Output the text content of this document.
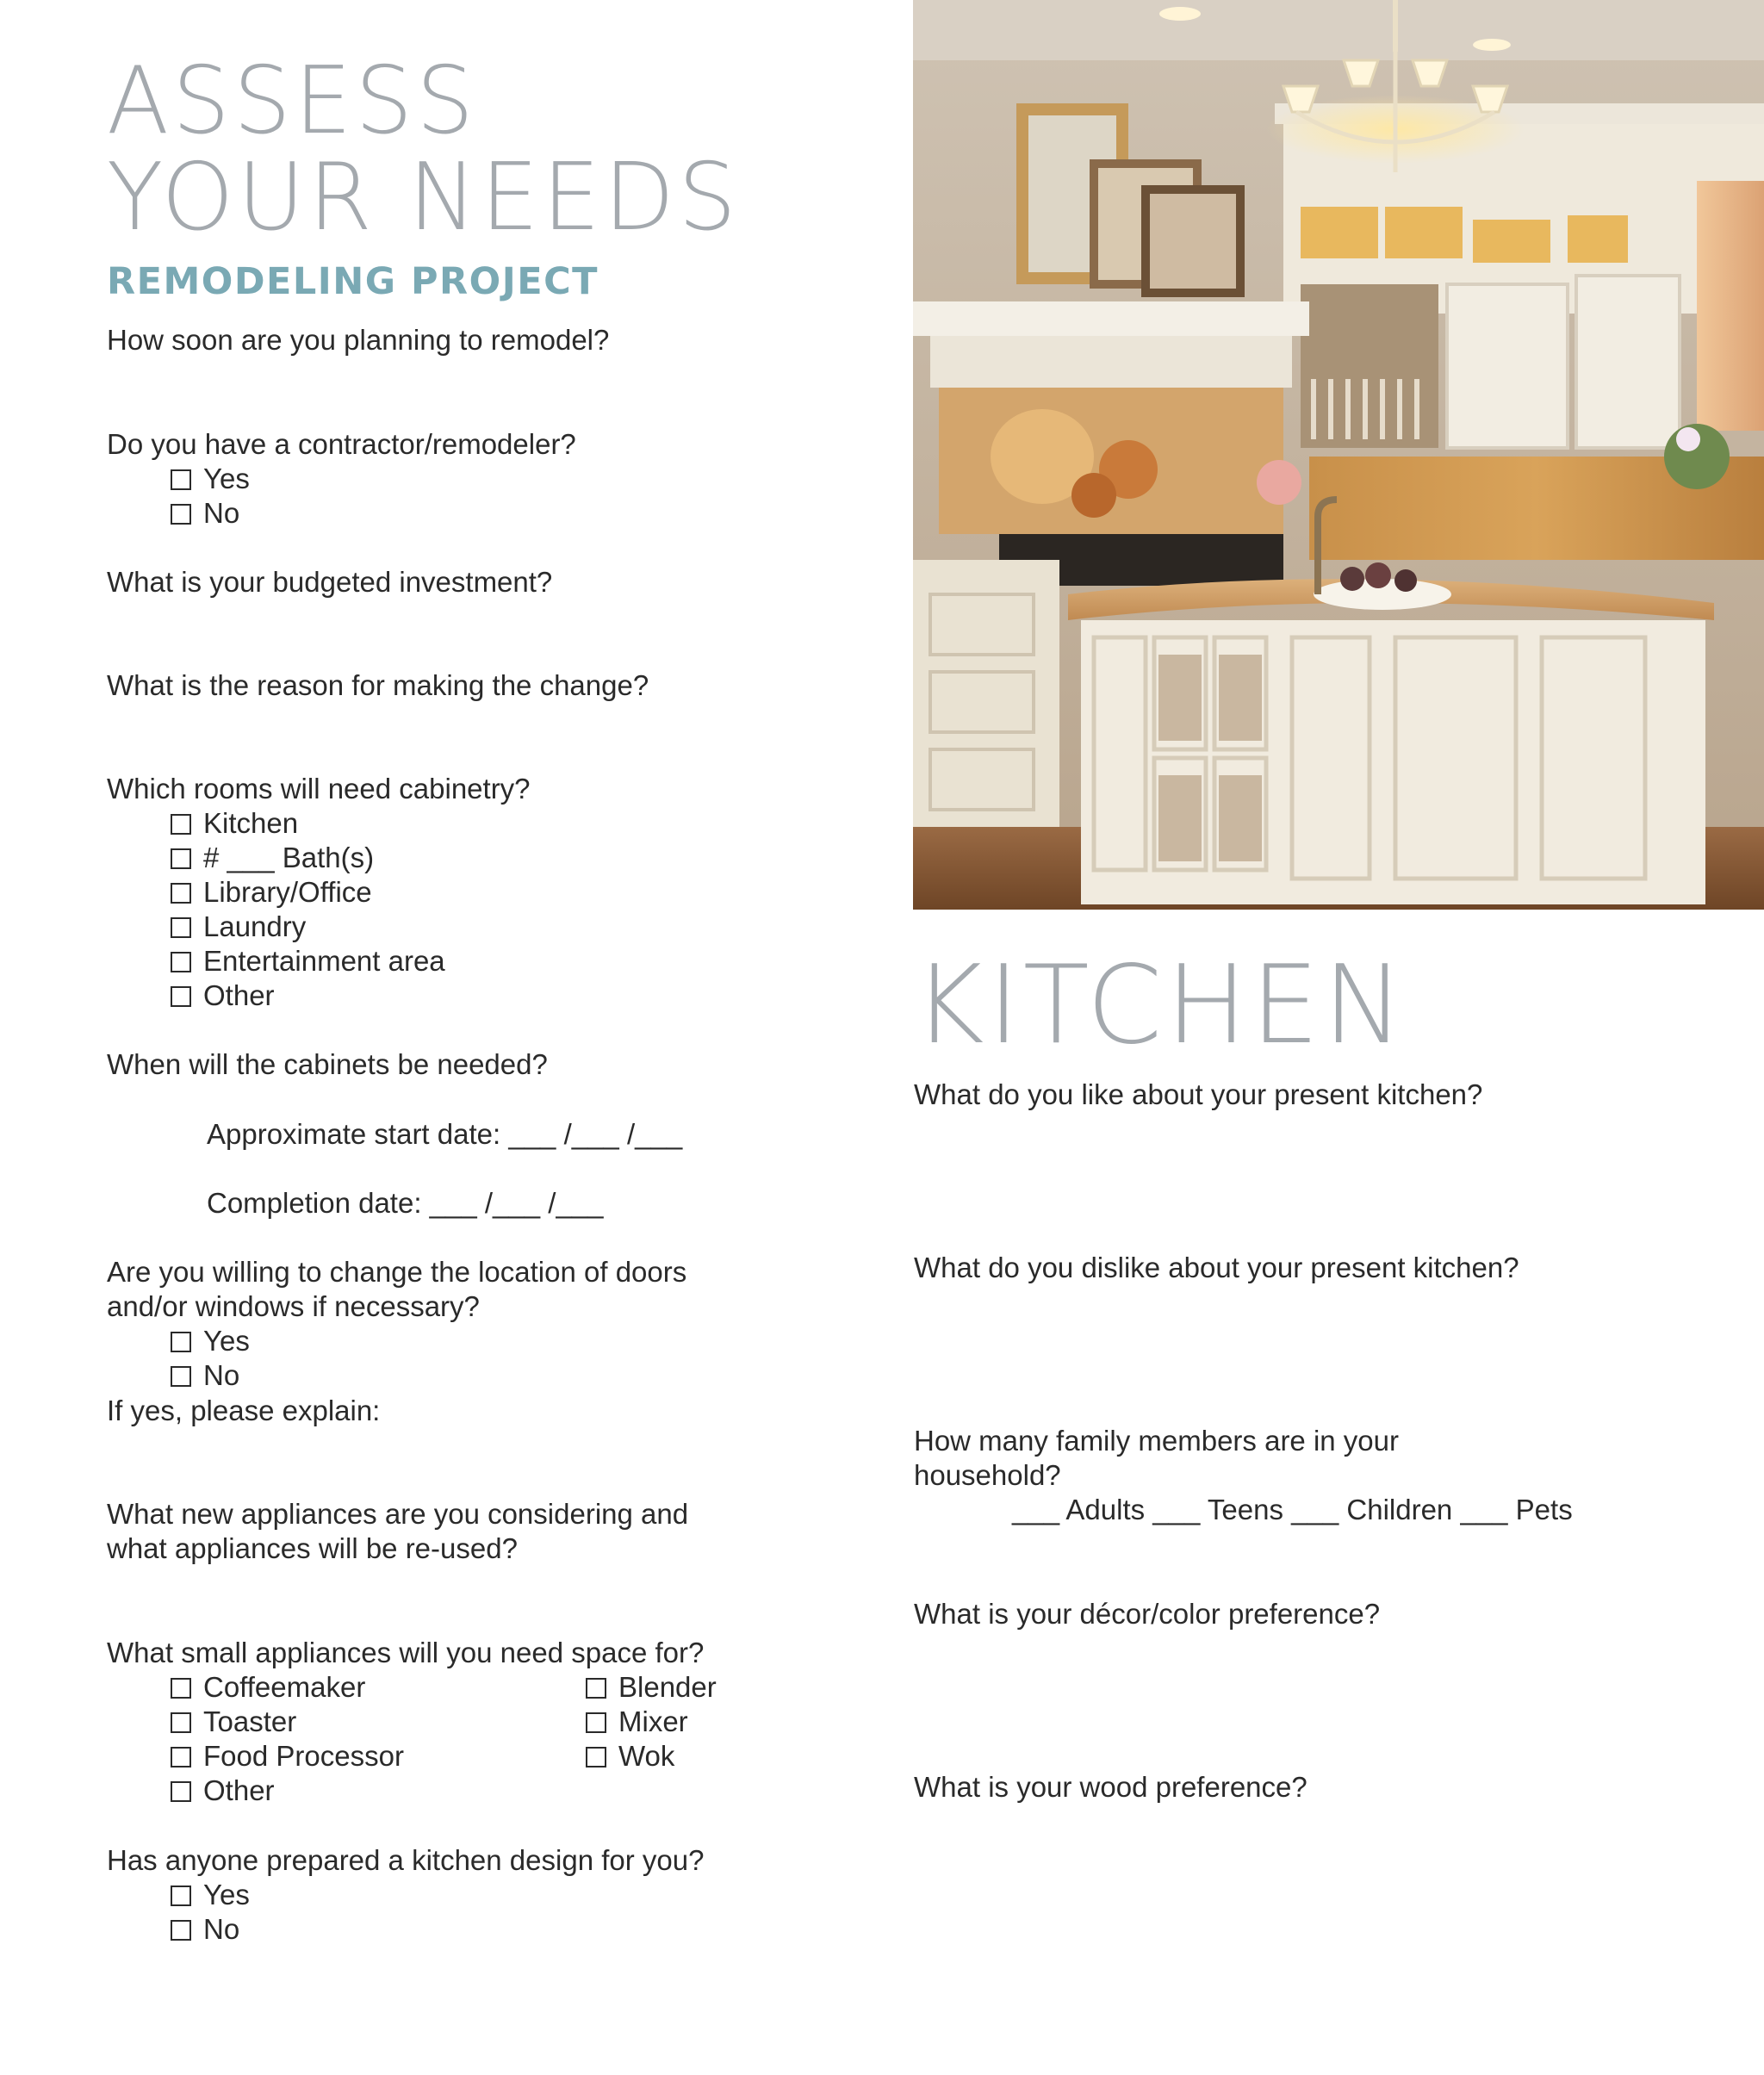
ASSESS
YOUR NEEDS
REMODELING PROJECT
How soon are you planning to remodel?
Do you have a contractor/remodeler?
Yes
No
What is your budgeted investment?
What is the reason for making the change?
Which rooms will need cabinetry?
Kitchen
# ___ Bath(s)
Library/Office
Laundry
Entertainment area
Other
When will the cabinets be needed?
Approximate start date: ___ /___ /___
Completion date: ___ /___ /___
Are you willing to change the location of doors
and/or windows if necessary?
Yes
No
If yes, please explain:
What new appliances are you considering and
what appliances will be re-used?
What small appliances will you need space for?
Coffeemaker
Toaster
Food Processor
Other
Blender
Mixer
Wok
Has anyone prepared a kitchen design for you?
Yes
No
KITCHEN
What do you like about your present kitchen?
What do you dislike about your present kitchen?
How many family members are in your
household?
___ Adults ___ Teens ___ Children ___ Pets
What is your décor/color preference?
What is your wood preference?
